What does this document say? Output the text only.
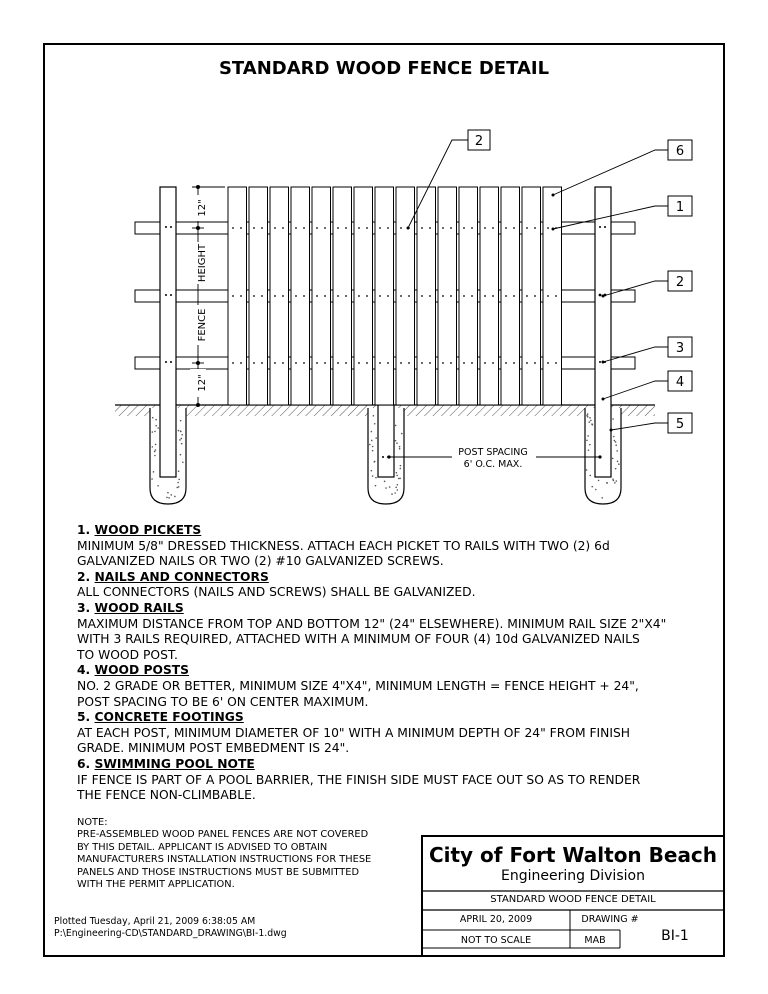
12"
HEIGHT
FENCE
12"
POST SPACING
6' O.C. MAX.
2
6
1
2
3
4
5
STANDARD WOOD FENCE DETAIL
1. WOOD PICKETS
MINIMUM 5/8" DRESSED THICKNESS. ATTACH EACH PICKET TO RAILS WITH TWO (2) 6d
GALVANIZED NAILS OR TWO (2) #10 GALVANIZED SCREWS.
2. NAILS AND CONNECTORS
ALL CONNECTORS (NAILS AND SCREWS) SHALL BE GALVANIZED.
3. WOOD RAILS
MAXIMUM DISTANCE FROM TOP AND BOTTOM 12" (24" ELSEWHERE). MINIMUM RAIL SIZE 2"X4"
WITH 3 RAILS REQUIRED, ATTACHED WITH A MINIMUM OF FOUR (4) 10d GALVANIZED NAILS
TO WOOD POST.
4. WOOD POSTS
NO. 2 GRADE OR BETTER, MINIMUM SIZE 4"X4", MINIMUM LENGTH = FENCE HEIGHT + 24",
POST SPACING TO BE 6' ON CENTER MAXIMUM.
5. CONCRETE FOOTINGS
AT EACH POST, MINIMUM DIAMETER OF 10" WITH A MINIMUM DEPTH OF 24" FROM FINISH
GRADE. MINIMUM POST EMBEDMENT IS 24".
6. SWIMMING POOL NOTE
IF FENCE IS PART OF A POOL BARRIER, THE FINISH SIDE MUST FACE OUT SO AS TO RENDER
THE FENCE NON-CLIMBABLE.
NOTE:
PRE-ASSEMBLED WOOD PANEL FENCES ARE NOT COVERED
BY THIS DETAIL. APPLICANT IS ADVISED TO OBTAIN
MANUFACTURERS INSTALLATION INSTRUCTIONS FOR THESE
PANELS AND THOSE INSTRUCTIONS MUST BE SUBMITTED
WITH THE PERMIT APPLICATION.
Plotted Tuesday, April 21, 2009 6:38:05 AM
P:\Engineering-CD\STANDARD_DRAWING\BI-1.dwg
City of Fort Walton Beach
Engineering Division
STANDARD WOOD FENCE DETAIL
APRIL 20, 2009	DRAWING #
NOT TO SCALE	MAB	BI-1
